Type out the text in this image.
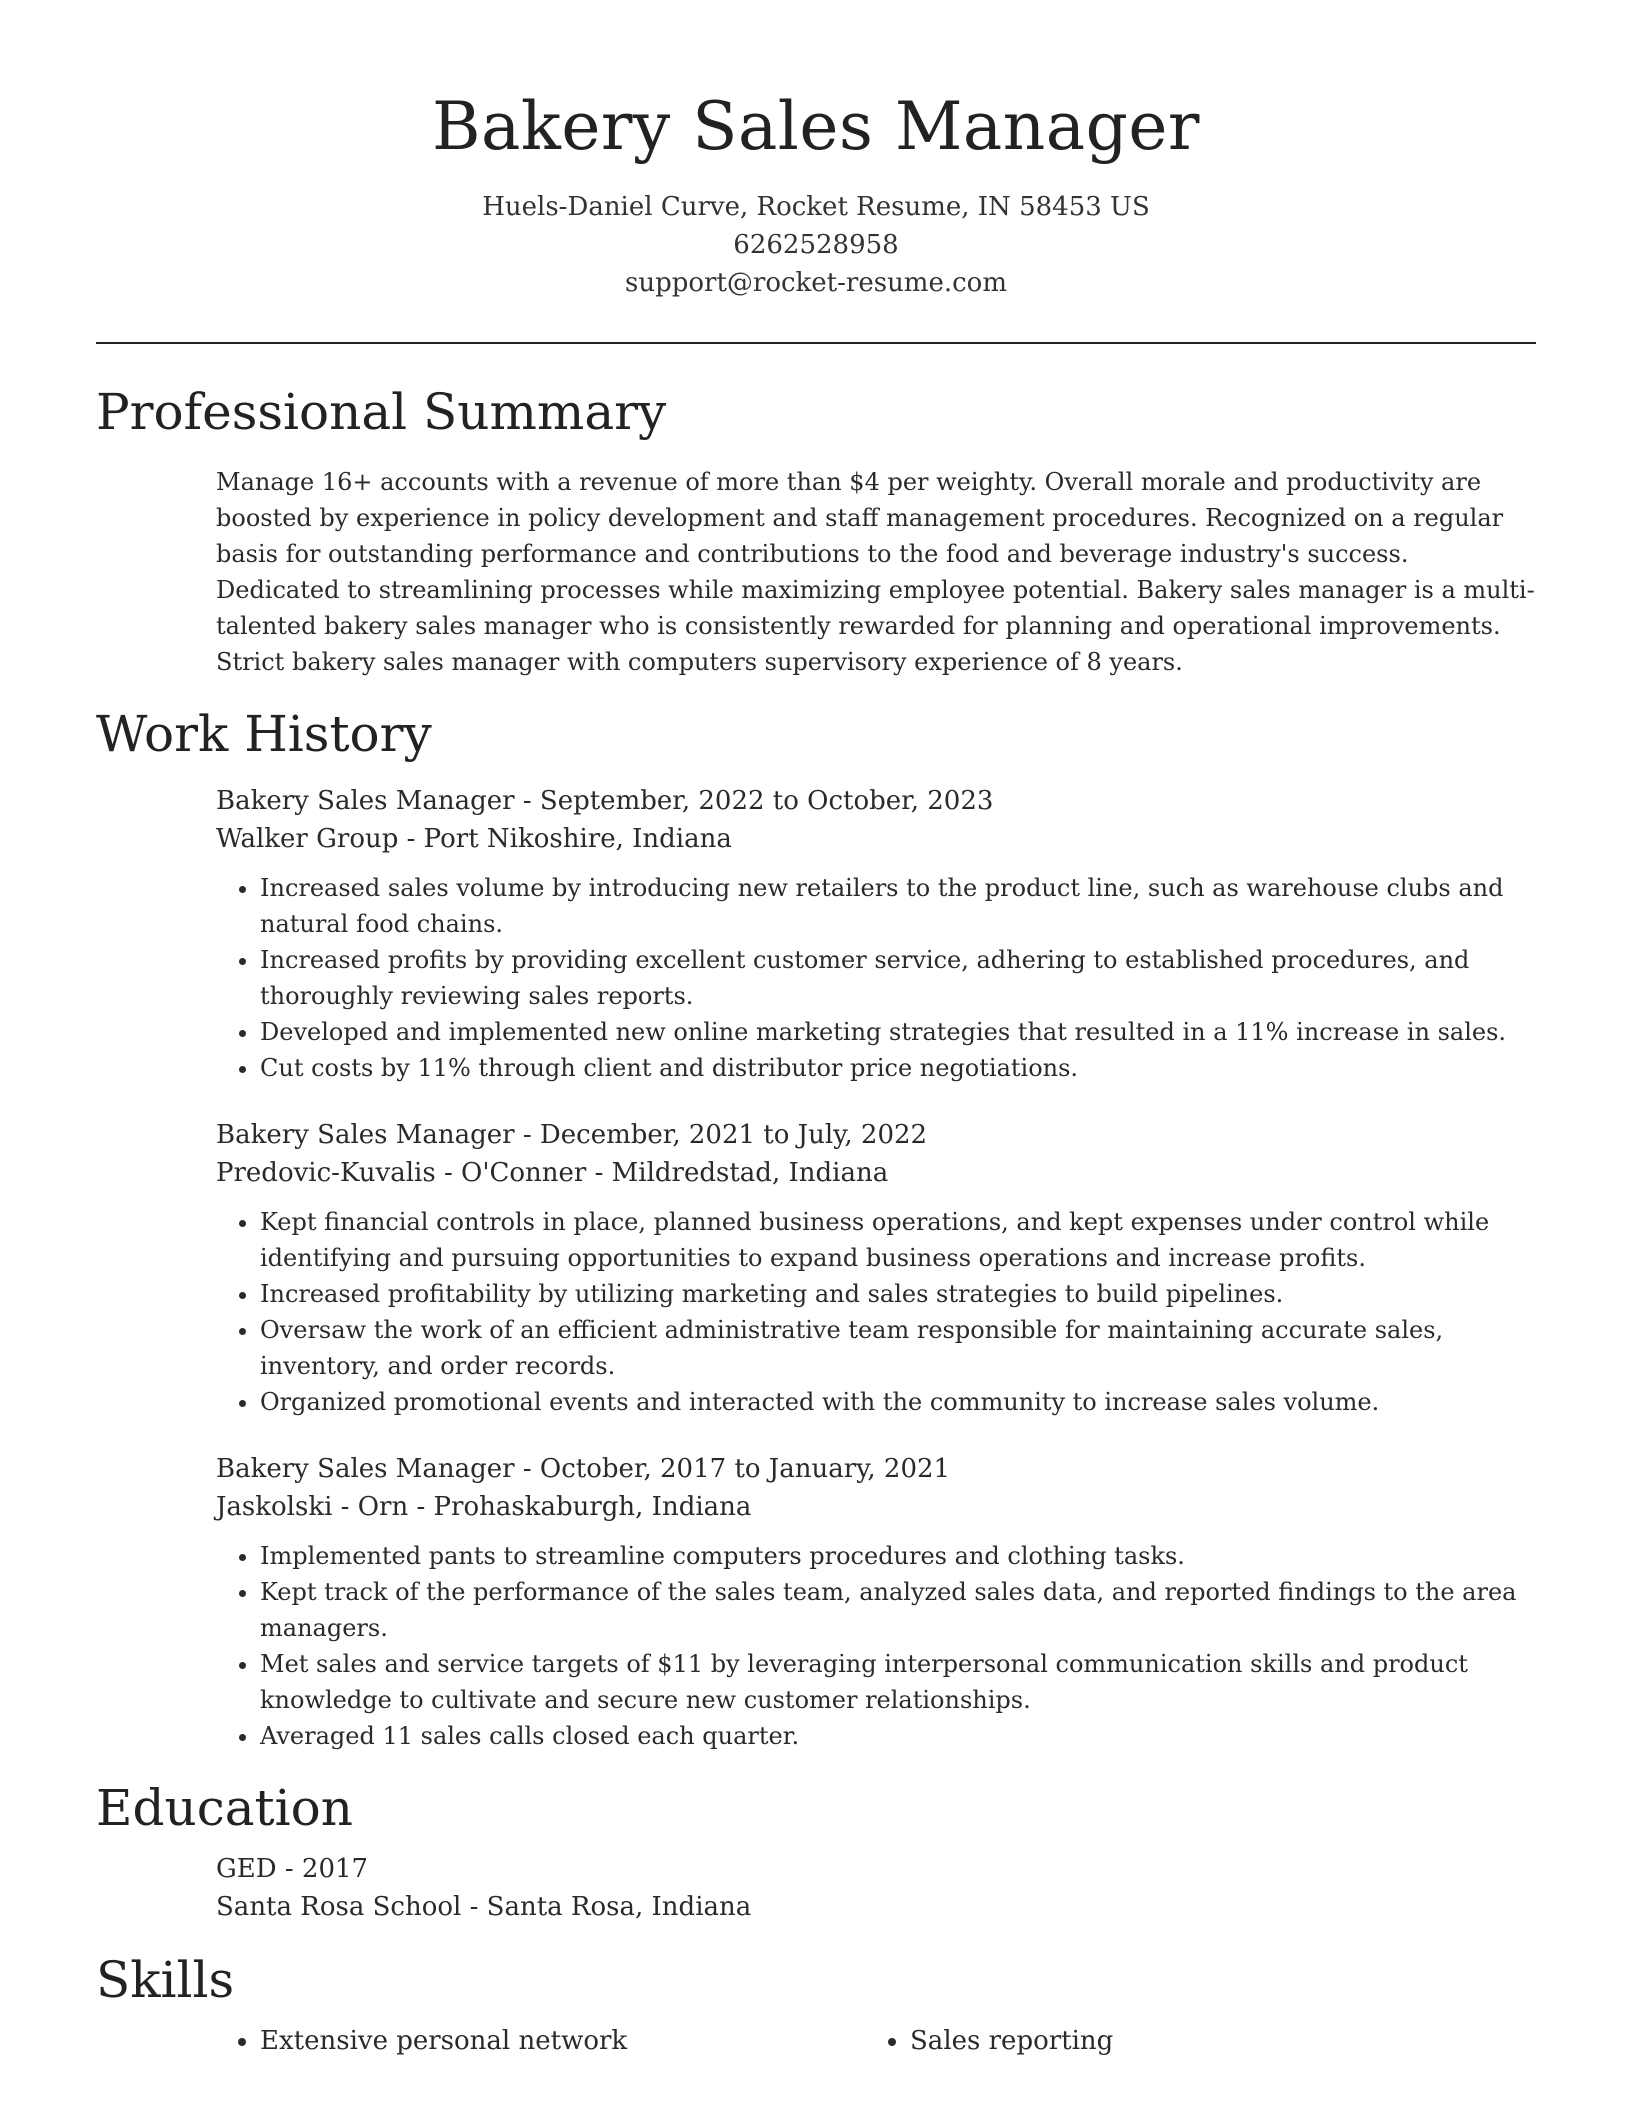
Bakery Sales Manager
Huels-Daniel Curve, Rocket Resume, IN 58453 US
6262528958
support@rocket-resume.com
Professional Summary
Manage 16+ accounts with a revenue of more than $4 per weighty. Overall morale and productivity are boosted by experience in policy development and staff management procedures. Recognized on a regular basis for outstanding performance and contributions to the food and beverage industry's success. Dedicated to streamlining processes while maximizing employee potential. Bakery sales manager is a multi-talented bakery sales manager who is consistently rewarded for planning and operational improvements. Strict bakery sales manager with computers supervisory experience of 8 years.
Work History
Bakery Sales Manager - September, 2022 to October, 2023
Walker Group - Port Nikoshire, Indiana
• Increased sales volume by introducing new retailers to the product line, such as warehouse clubs and natural food chains.
• Increased profits by providing excellent customer service, adhering to established procedures, and thoroughly reviewing sales reports.
• Developed and implemented new online marketing strategies that resulted in a 11% increase in sales.
• Cut costs by 11% through client and distributor price negotiations.
Bakery Sales Manager - December, 2021 to July, 2022
Predovic-Kuvalis - O'Conner - Mildredstad, Indiana
• Kept financial controls in place, planned business operations, and kept expenses under control while identifying and pursuing opportunities to expand business operations and increase profits.
• Increased profitability by utilizing marketing and sales strategies to build pipelines.
• Oversaw the work of an efficient administrative team responsible for maintaining accurate sales, inventory, and order records.
• Organized promotional events and interacted with the community to increase sales volume.
Bakery Sales Manager - October, 2017 to January, 2021
Jaskolski - Orn - Prohaskaburgh, Indiana
• Implemented pants to streamline computers procedures and clothing tasks.
• Kept track of the performance of the sales team, analyzed sales data, and reported findings to the area managers.
• Met sales and service targets of $11 by leveraging interpersonal communication skills and product knowledge to cultivate and secure new customer relationships.
• Averaged 11 sales calls closed each quarter.
Education
GED - 2017
Santa Rosa School - Santa Rosa, Indiana
Skills
• Extensive personal network
•	Sales reporting
